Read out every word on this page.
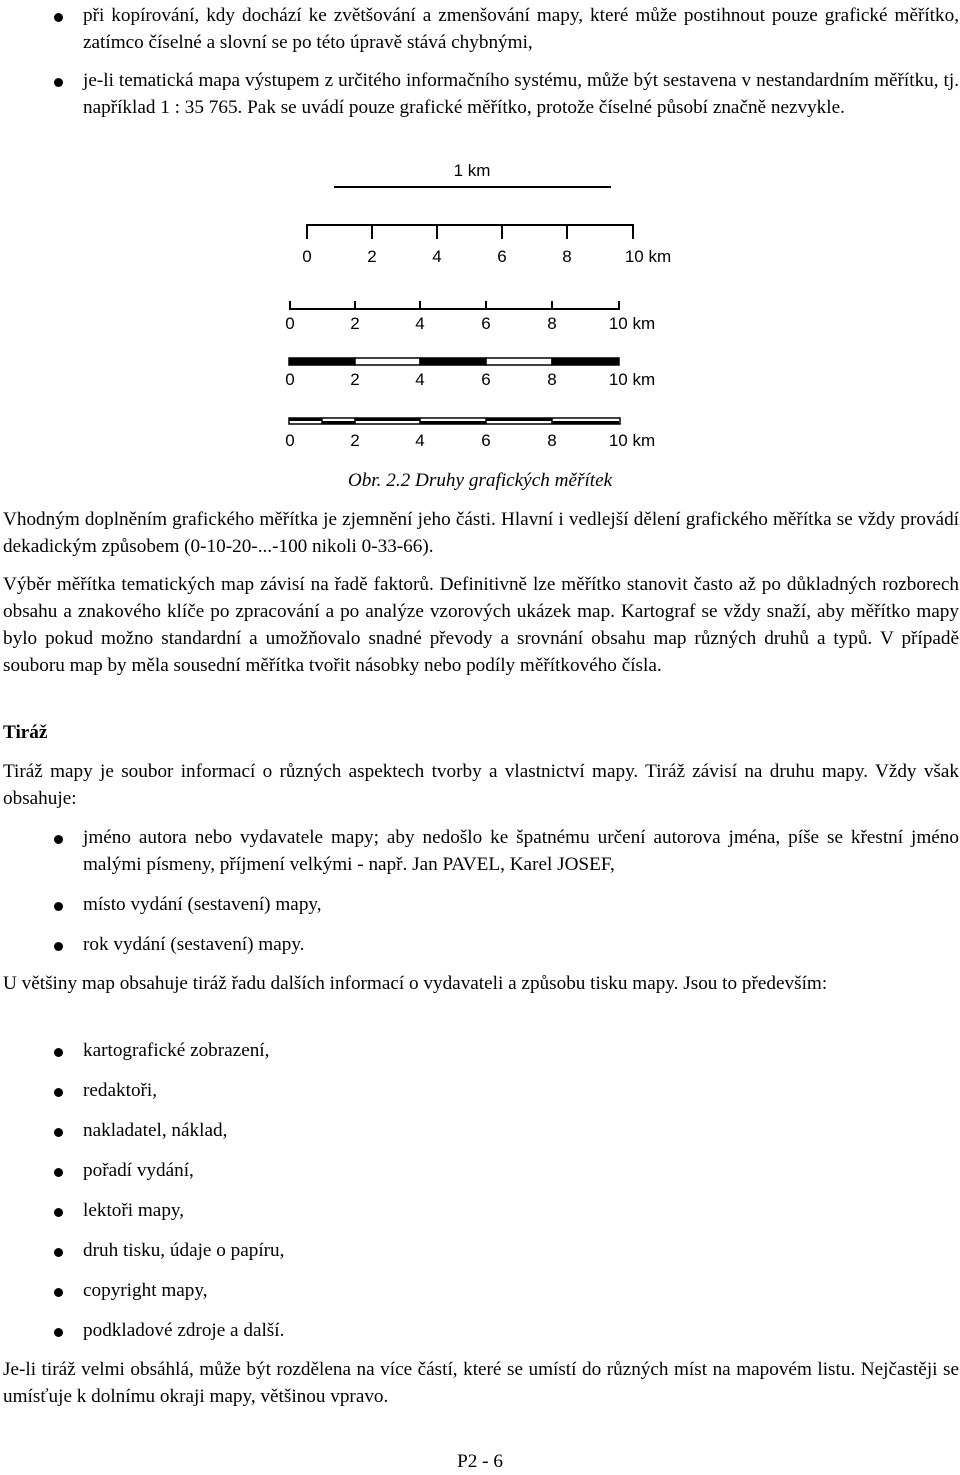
při kopírování, kdy dochází ke zvětšování a zmenšování mapy, které může postihnout pouze grafické měřítko, zatímco číselné a slovní se po této úpravě stává chybnými,
je-li tematická mapa výstupem z určitého informačního systému, může být sestavena v nestandardním měřítku, tj. například 1 : 35 765. Pak se uvádí pouze grafické měřítko, protože číselné působí značně nezvykle.
1 km
0	2	4	6	8	10 km
0	2	4	6	8	10 km
0	2	4	6	8	10 km
0	2	4	6	8	10 km
Obr. 2.2 Druhy grafických měřítek
Vhodným doplněním grafického měřítka je zjemnění jeho části. Hlavní i vedlejší dělení grafického měřítka se vždy provádí dekadickým způsobem (0-10-20-...-100 nikoli 0-33-66).
Výběr měřítka tematických map závisí na řadě faktorů. Definitivně lze měřítko stanovit často až po důkladných rozborech obsahu a znakového klíče po zpracování a po analýze vzorových ukázek map. Kartograf se vždy snaží, aby měřítko mapy bylo pokud možno standardní a umožňovalo snadné převody a srovnání obsahu map různých druhů a typů. V případě souboru map by měla sousední měřítka tvořit násobky nebo podíly měřítkového čísla.
Tiráž
Tiráž mapy je soubor informací o různých aspektech tvorby a vlastnictví mapy. Tiráž závisí na druhu mapy. Vždy však obsahuje:
jméno autora nebo vydavatele mapy; aby nedošlo ke špatnému určení autorova jména, píše se křestní jméno malými písmeny, příjmení velkými - např. Jan PAVEL, Karel JOSEF,
místo vydání (sestavení) mapy,
rok vydání (sestavení) mapy.
U většiny map obsahuje tiráž řadu dalších informací o vydavateli a způsobu tisku mapy. Jsou to především:
kartografické zobrazení,
redaktoři,
nakladatel, náklad,
pořadí vydání,
lektoři mapy,
druh tisku, údaje o papíru,
copyright mapy,
podkladové zdroje a další.
Je-li tiráž velmi obsáhlá, může být rozdělena na více částí, které se umístí do různých míst na mapovém listu. Nejčastěji se umísťuje k dolnímu okraji mapy, většinou vpravo.
P2 - 6
